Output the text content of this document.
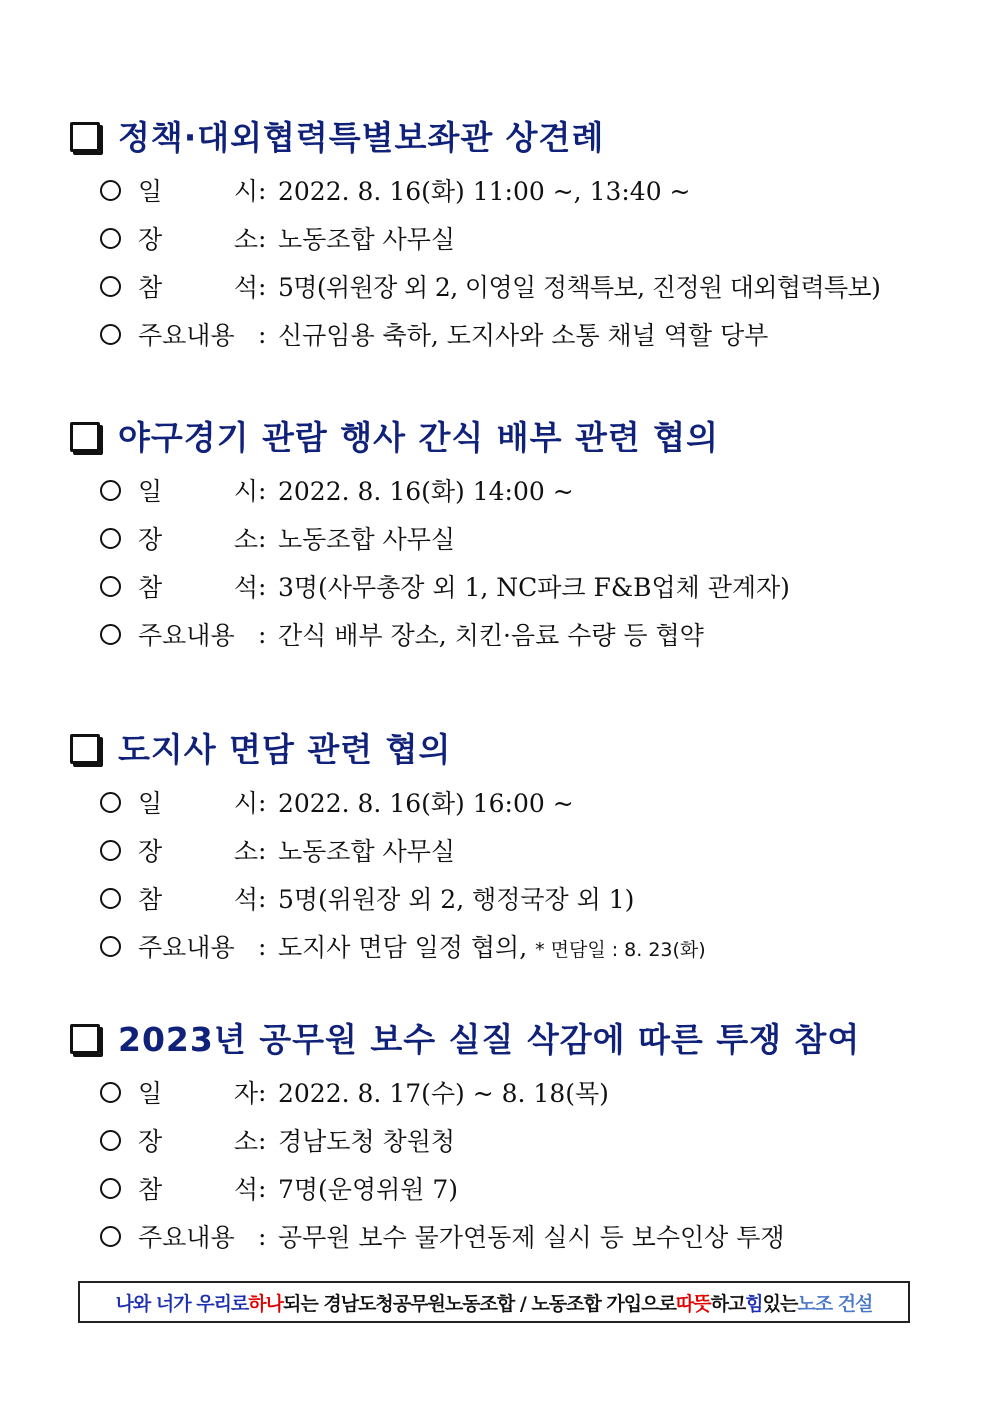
정책·대외협력특별보좌관 상견례
일	시 : 2022. 8. 16(화) 11:00 ~, 13:40 ~
장	소 : 노동조합 사무실
참	석 : 5명(위원장 외 2, 이영일 정책특보, 진정원 대외협력특보)
주요내용 : 신규임용 축하, 도지사와 소통 채널 역할 당부
야구경기 관람 행사 간식 배부 관련 협의
일	시 : 2022. 8. 16(화) 14:00 ~
장	소 : 노동조합 사무실
참	석 : 3명(사무총장 외 1, NC파크 F&B업체 관계자)
주요내용 : 간식 배부 장소, 치킨·음료 수량 등 협약
도지사 면담 관련 협의
일	시 : 2022. 8. 16(화) 16:00 ~
장	소 : 노동조합 사무실
참	석 : 5명(위원장 외 2, 행정국장 외 1)
주요내용 : 도지사 면담 일정 협의, * 면담일 : 8. 23(화)
2023년 공무원 보수 실질 삭감에 따른 투쟁 참여
일	자 : 2022. 8. 17(수) ~ 8. 18(목)
장	소 : 경남도청 창원청
참	석 : 7명(운영위원 7)
주요내용 : 공무원 보수 물가연동제 실시 등 보수인상 투쟁
나와 너가 우리로 하나 되는 경남도청공무원노동조합 / 노동조합 가입으로 따뜻 하고 힘 있는 노조 건설
